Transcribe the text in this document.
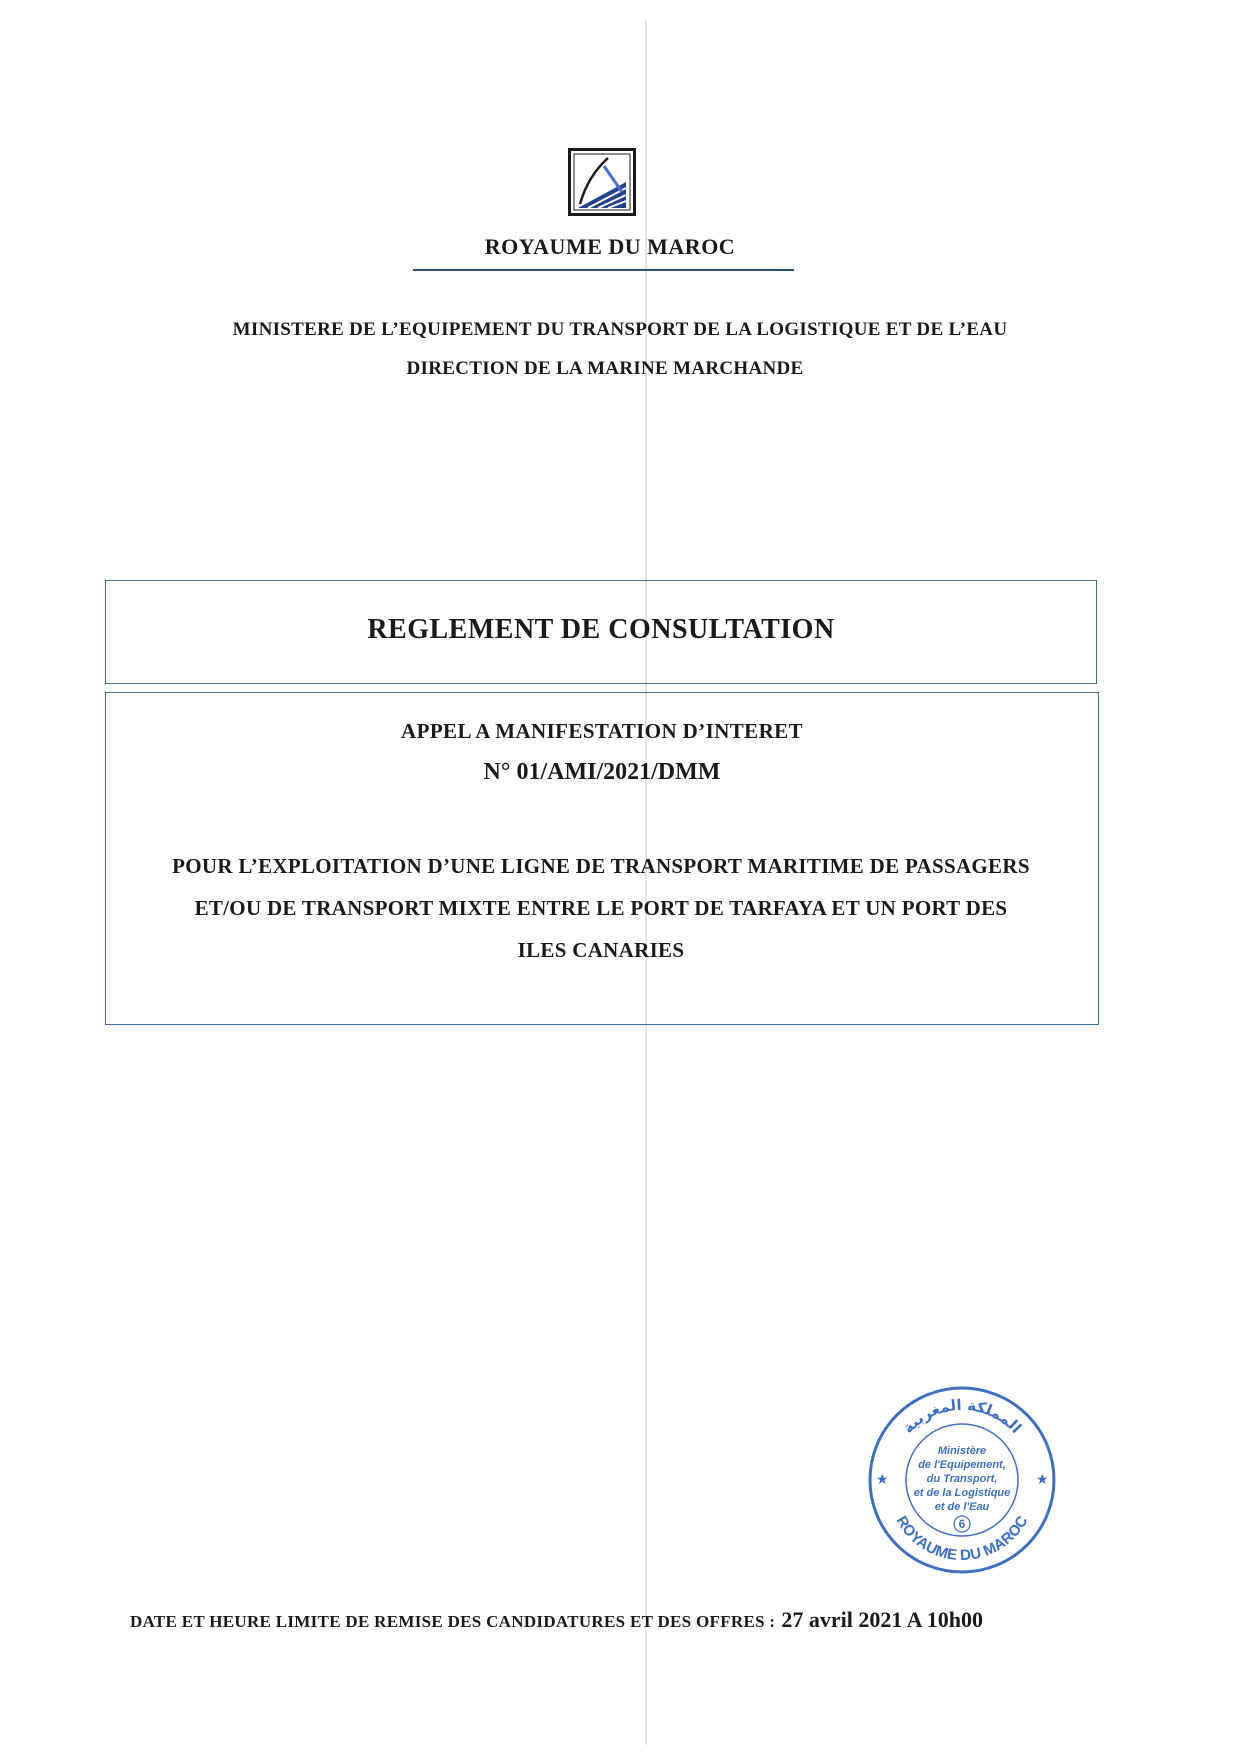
ROYAUME DU MAROC
MINISTERE DE L’EQUIPEMENT DU TRANSPORT DE LA LOGISTIQUE ET DE L’EAU
DIRECTION DE LA MARINE MARCHANDE
REGLEMENT DE CONSULTATION
APPEL A MANIFESTATION D’INTERET
N° 01/AMI/2021/DMM
POUR L’EXPLOITATION D’UNE LIGNE DE TRANSPORT MARITIME DE PASSAGERS
ET/OU DE TRANSPORT MIXTE ENTRE LE PORT DE TARFAYA ET UN PORT DES
ILES CANARIES
المملكة المغربية
ROYAUME DU MAROC
Ministère
de l'Equipement,
du Transport,
et de la Logistique
et de l'Eau
6
★	★
DATE ET HEURE LIMITE DE REMISE DES CANDIDATURES ET DES OFFRES : 27 avril 2021 A 10h00
